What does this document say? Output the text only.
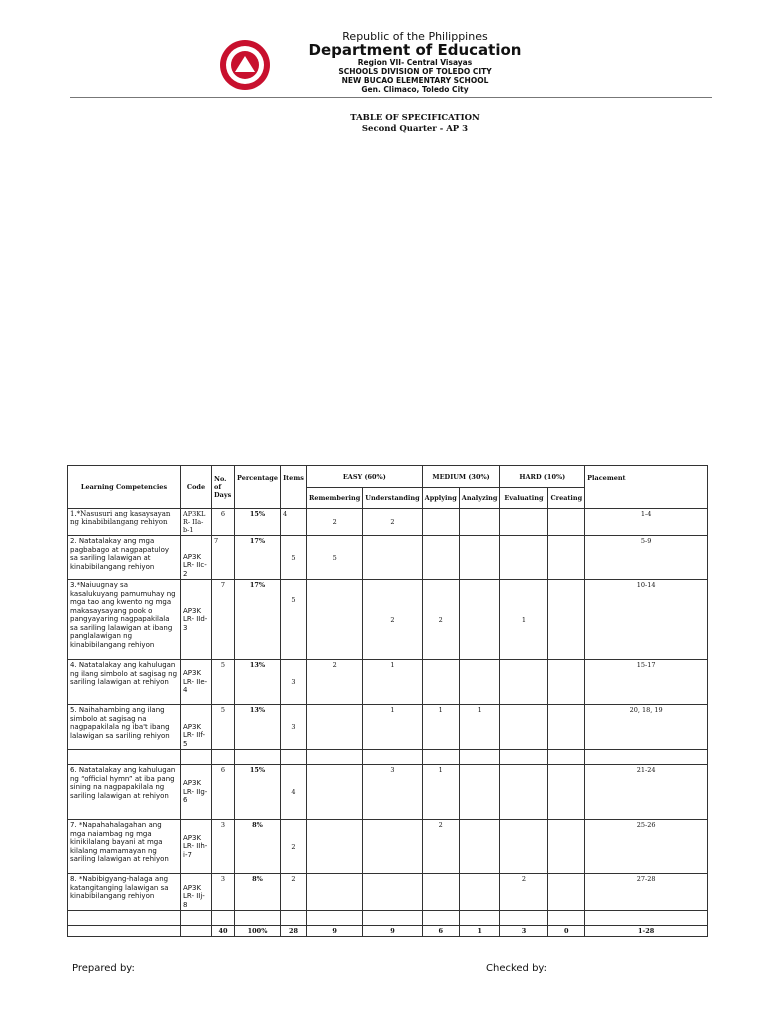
Republic of the Philippines
Department of Education
Region VII- Central Visayas
SCHOOLS DIVISION OF TOLEDO CITY
NEW BUCAO ELEMENTARY SCHOOL
Gen. Climaco, Toledo City
TABLE OF SPECIFICATION
Second Quarter - AP 3
Learning Competencies	Code	No. of Days	Percentage	Items	EASY (60%)		MEDIUM (30%)		HARD (10%)		Placement
					Remembering	Understanding	Applying	Analyzing	Evaluating	Creating	
1.*Nasusuri ang kasaysayan ng kinabibilangang rehiyon	AP3KL R- IIa-b-1	6	15%	4	2	2					1-4
2. Natatalakay ang mga pagbabago at nagpapatuloy sa sariling lalawigan at kinabibilangang rehiyon	AP3K LR- IIc-2	7	17%	5	5						5-9
3.*Naiuugnay sa kasalukuyang pamumuhay ng mga tao ang kwento ng mga makasaysayang pook o pangyayaring nagpapakilala sa sariling lalawigan at ibang panglalawigan ng kinabibilangang rehiyon	AP3K LR- IId-3	7	17%	5		2	2		1		10-14
4. Natatalakay ang kahulugan ng ilang simbolo at sagisag ng sariling lalawigan at rehiyon	AP3K LR- IIe-4	5	13%	3	2	1					15-17
5. Naihahambing ang ilang simbolo at sagisag na nagpapakilala ng iba't ibang lalawigan sa sariling rehiyon	AP3K LR- IIf-5	5	13%	3		1	1	1			20, 18, 19

6. Natatalakay ang kahulugan ng “official hymn” at iba pang sining na nagpapakilala ng sariling lalawigan at rehiyon	AP3K LR- IIg-6	6	15%	4		3	1				21-24
7. *Napahahalagahan ang mga naiambag ng mga kinikilalang bayani at mga kilalang mamamayan ng sariling lalawigan at rehiyon	AP3K LR- IIh-i-7	3	8%	2			2				25-26
8. *Nabibigyang-halaga ang katangitanging lalawigan sa kinabibilangang rehiyon	AP3K LR- IIj-8	3	8%	2					2		27-28

		40	100%	28	9	9	6	1	3	0	1-28
Prepared by:	Checked by:
